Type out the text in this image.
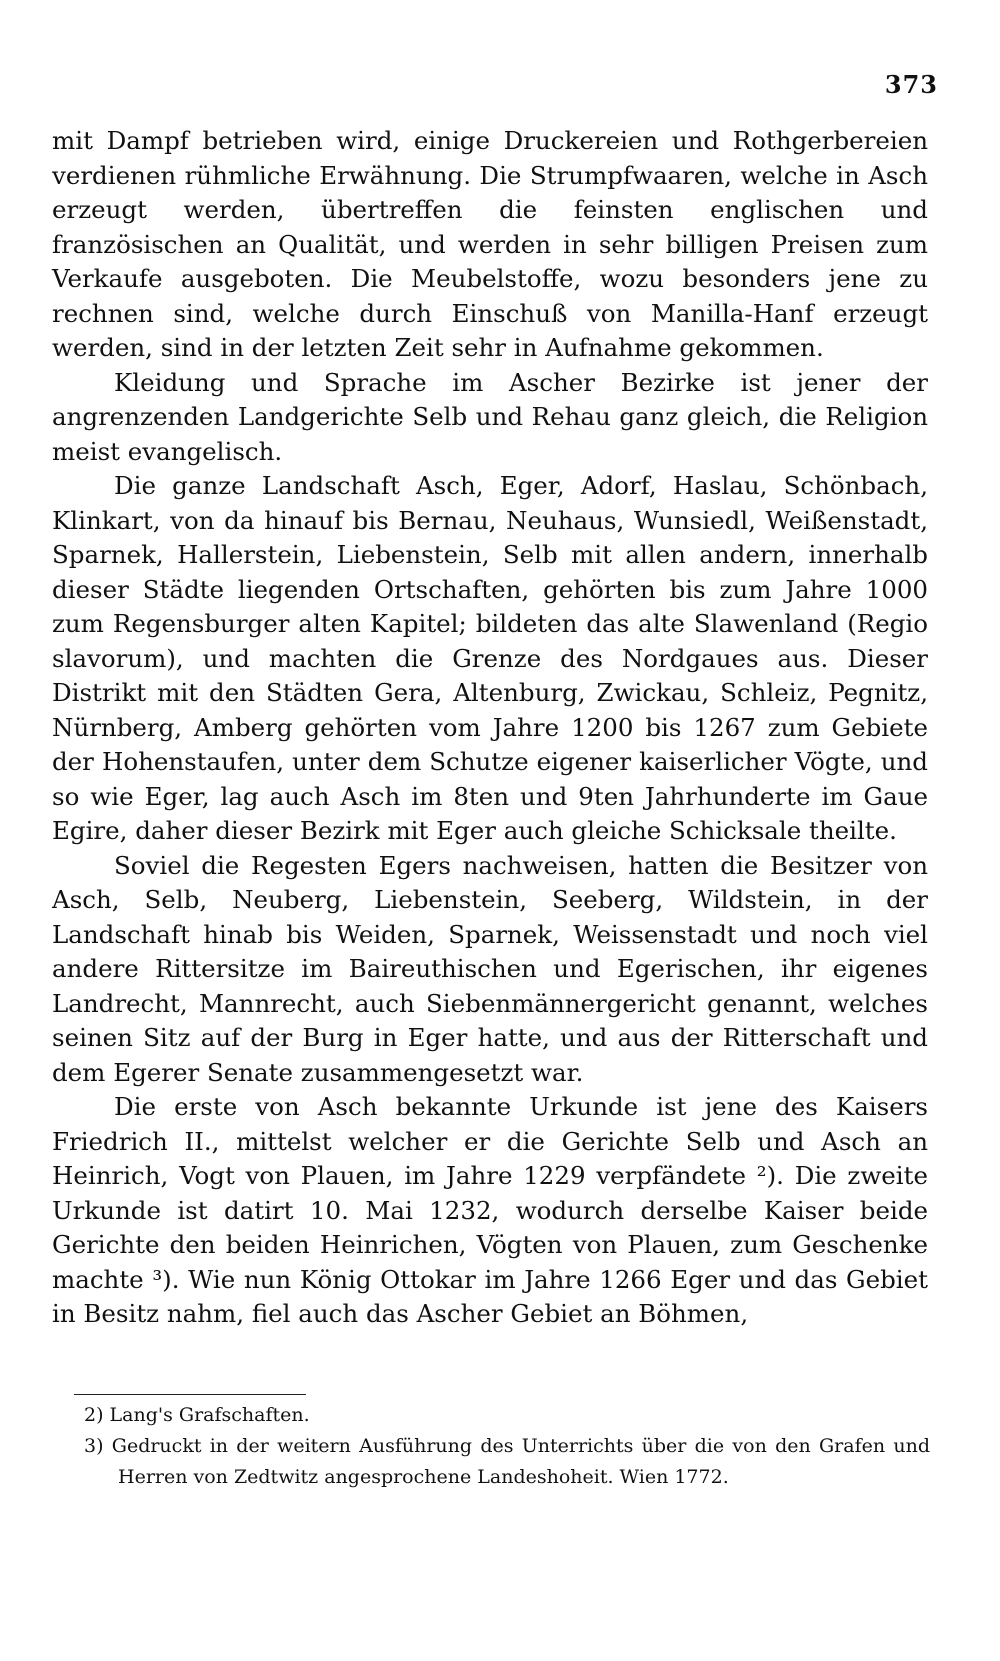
373

mit Dampf betrieben wird, einige Druckereien und Rothgerbereien verdienen rühmliche Erwähnung. Die Strumpfwaaren, welche in Asch erzeugt werden, übertreffen die feinsten englischen und französischen an Qualität, und werden in sehr billigen Preisen zum Verkaufe ausgeboten. Die Meubelstoffe, wozu besonders jene zu rechnen sind, welche durch Einschuß von Manilla-Hanf erzeugt werden, sind in der letzten Zeit sehr in Aufnahme gekommen.

Kleidung und Sprache im Ascher Bezirke ist jener der angrenzenden Landgerichte Selb und Rehau ganz gleich, die Religion meist evangelisch.

Die ganze Landschaft Asch, Eger, Adorf, Haslau, Schönbach, Klinkart, von da hinauf bis Bernau, Neuhaus, Wunsiedl, Weißenstadt, Sparnek, Hallerstein, Liebenstein, Selb mit allen andern, innerhalb dieser Städte liegenden Ortschaften, gehörten bis zum Jahre 1000 zum Regensburger alten Kapitel; bildeten das alte Slawenland (Regio slavorum), und machten die Grenze des Nordgaues aus. Dieser Distrikt mit den Städten Gera, Altenburg, Zwickau, Schleiz, Pegnitz, Nürnberg, Amberg gehörten vom Jahre 1200 bis 1267 zum Gebiete der Hohenstaufen, unter dem Schutze eigener kaiserlicher Vögte, und so wie Eger, lag auch Asch im 8ten und 9ten Jahrhunderte im Gaue Egire, daher dieser Bezirk mit Eger auch gleiche Schicksale theilte.

Soviel die Regesten Egers nachweisen, hatten die Besitzer von Asch, Selb, Neuberg, Liebenstein, Seeberg, Wildstein, in der Landschaft hinab bis Weiden, Sparnek, Weissenstadt und noch viel andere Rittersitze im Baireuthischen und Egerischen, ihr eigenes Landrecht, Mannrecht, auch Siebenmännergericht genannt, welches seinen Sitz auf der Burg in Eger hatte, und aus der Ritterschaft und dem Egerer Senate zusammengesetzt war.

Die erste von Asch bekannte Urkunde ist jene des Kaisers Friedrich II., mittelst welcher er die Gerichte Selb und Asch an Heinrich, Vogt von Plauen, im Jahre 1229 verpfändete ²). Die zweite Urkunde ist datirt 10. Mai 1232, wodurch derselbe Kaiser beide Gerichte den beiden Heinrichen, Vögten von Plauen, zum Geschenke machte ³). Wie nun König Ottokar im Jahre 1266 Eger und das Gebiet in Besitz nahm, fiel auch das Ascher Gebiet an Böhmen,

2) Lang's Grafschaften.

3) Gedruckt in der weitern Ausführung des Unterrichts über die von den Grafen und Herren von Zedtwitz angesprochene Landeshoheit. Wien 1772.
